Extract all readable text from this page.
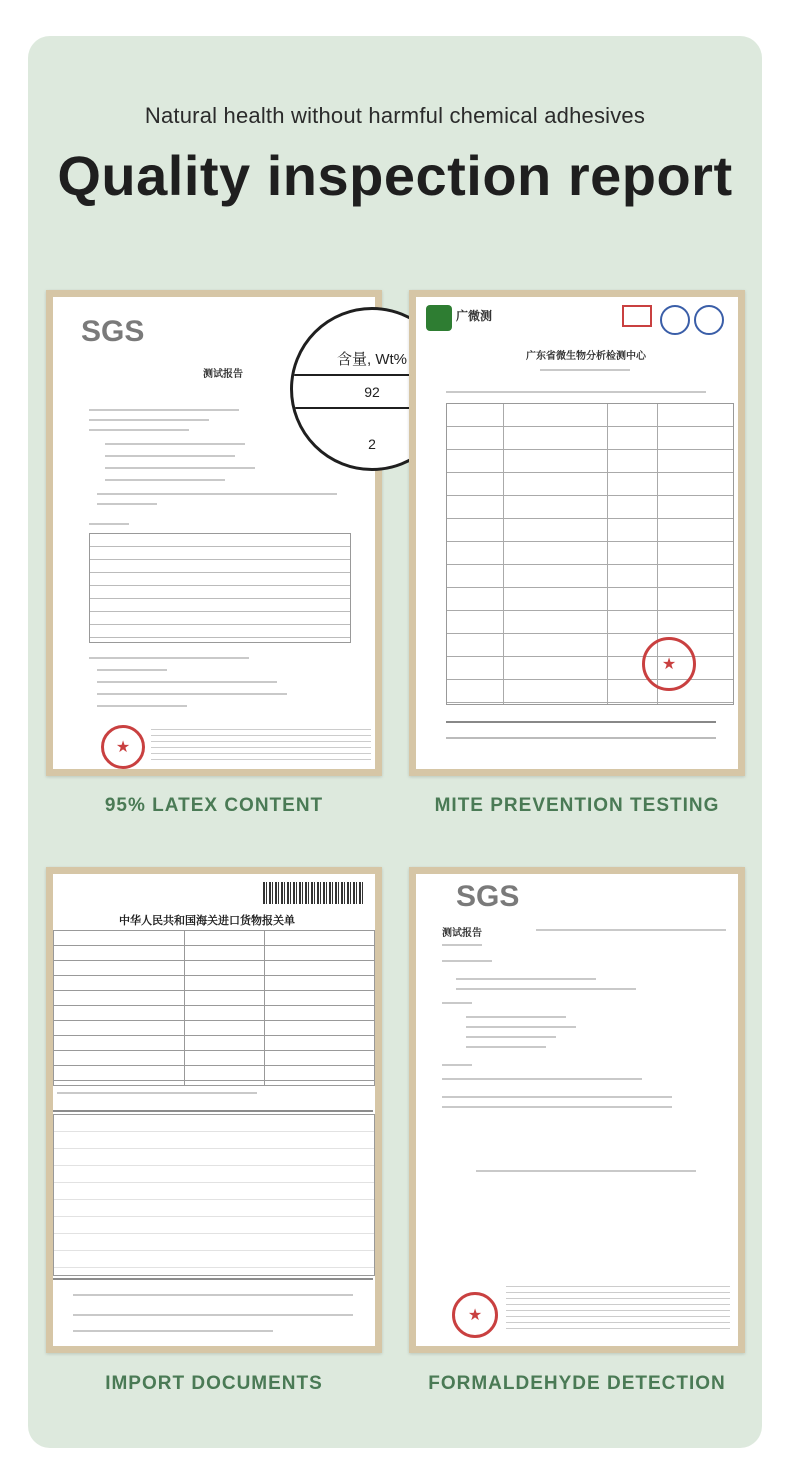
Natural health without harmful chemical adhesives
Quality inspection report
SGS
测试报告
★
含量, Wt%
92
2
广微测
广东省微生物分析检测中心
★
中华人民共和国海关进口货物报关单
SGS
测试报告
★
95% LATEX CONTENT	MITE PREVENTION TESTING
IMPORT DOCUMENTS	FORMALDEHYDE DETECTION
